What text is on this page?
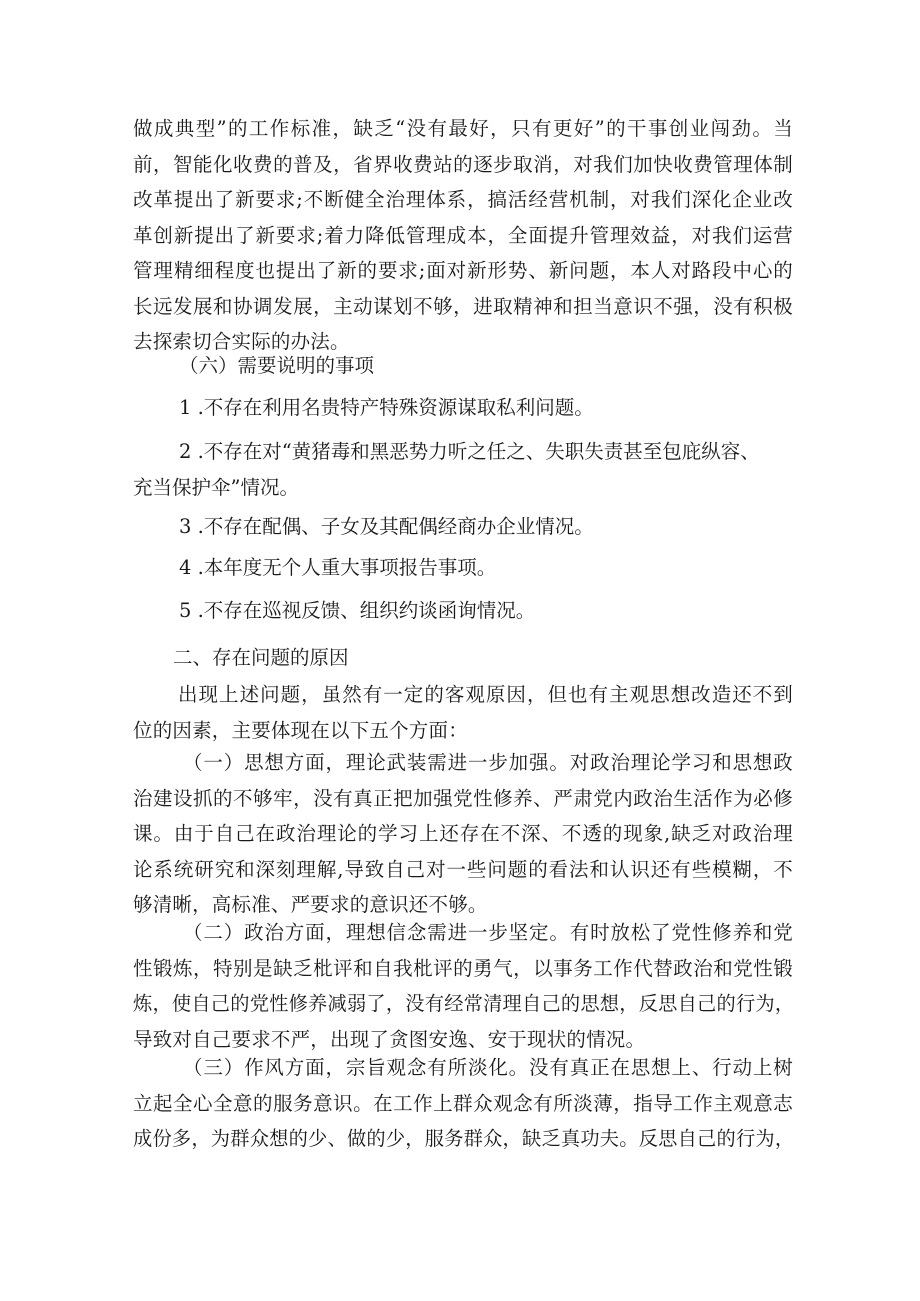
做成典型”的工作标准，缺乏“没有最好，只有更好”的干事创业闯劲。当
前，智能化收费的普及，省界收费站的逐步取消，对我们加快收费管理体制
改革提出了新要求;不断健全治理体系，搞活经营机制，对我们深化企业改
革创新提出了新要求;着力降低管理成本，全面提升管理效益，对我们运营
管理精细程度也提出了新的要求;面对新形势、新问题，本人对路段中心的
长远发展和协调发展，主动谋划不够，进取精神和担当意识不强，没有积极
去探索切合实际的办法。

（六）需要说明的事项

1 .不存在利用名贵特产特殊资源谋取私利问题。

2 .不存在对“黄猪毒和黑恶势力听之任之、失职失责甚至包庇纵容、

充当保护伞”情况。

3 .不存在配偶、子女及其配偶经商办企业情况。

4 .本年度无个人重大事项报告事项。

5 .不存在巡视反馈、组织约谈函询情况。

二、存在问题的原因

出现上述问题，虽然有一定的客观原因，但也有主观思想改造还不到
位的因素，主要体现在以下五个方面：
（一）思想方面，理论武装需进一步加强。对政治理论学习和思想政
治建设抓的不够牢，没有真正把加强党性修养、严肃党内政治生活作为必修
课。由于自己在政治理论的学习上还存在不深、不透的现象,缺乏对政治理
论系统研究和深刻理解,导致自己对一些问题的看法和认识还有些模糊，不
够清晰，高标准、严要求的意识还不够。
（二）政治方面，理想信念需进一步坚定。有时放松了党性修养和党
性锻炼，特别是缺乏枇评和自我枇评的勇气，以事务工作代替政治和党性锻
炼，使自己的党性修养减弱了，没有经常清理自己的思想，反思自己的行为，
导致对自己要求不严，出现了贪图安逸、安于现状的情况。
（三）作风方面，宗旨观念有所淡化。没有真正在思想上、行动上树
立起全心全意的服务意识。在工作上群众观念有所淡薄，指导工作主观意志
成份多，为群众想的少、做的少，服务群众，缺乏真功夫。反思自己的行为，
